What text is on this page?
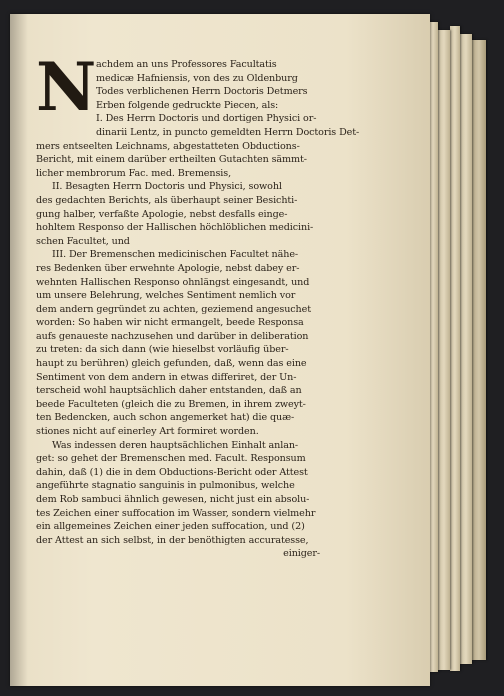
N achdem an uns Professores Facultatis
medicæ Hafniensis, von des zu Oldenburg
Todes verblichenen Herrn Doctoris Detmers
Erben folgende gedruckte Piecen, als:
I. Des Herrn Doctoris und dortigen Physici or-
dinarii Lentz, in puncto gemeldten Herrn Doctoris Det-
mers entseelten Leichnams, abgestatteten Obductions-
Bericht, mit einem darüber ertheilten Gutachten sämmt-
licher membrorum Fac. med. Bremensis,
II. Besagten Herrn Doctoris und Physici, sowohl
des gedachten Berichts, als überhaupt seiner Besichti-
gung halber, verfaßte Apologie, nebst desfalls einge-
hohltem Responso der Hallischen höchlöblichen medicini-
schen Facultet, und
III. Der Bremenschen medicinischen Facultet nähe-
res Bedenken über erwehnte Apologie, nebst dabey er-
wehnten Hallischen Responso ohnlängst eingesandt, und
um unsere Belehrung, welches Sentiment nemlich vor
dem andern gegründet zu achten, geziemend angesuchet
worden: So haben wir nicht ermangelt, beede Responsa
aufs genaueste nachzusehen und darüber in deliberation
zu treten: da sich dann (wie hieselbst vorläufig über-
haupt zu berühren) gleich gefunden, daß, wenn das eine
Sentiment von dem andern in etwas differiret, der Un-
terscheid wohl hauptsächlich daher entstanden, daß an
beede Faculteten (gleich die zu Bremen, in ihrem zweyt-
ten Bedencken, auch schon angemerket hat) die quæ-
stiones nicht auf einerley Art formiret worden.
Was indessen deren hauptsächlichen Einhalt anlan-
get: so gehet der Bremenschen med. Facult. Responsum
dahin, daß (1) die in dem Obductions-Bericht oder Attest
angeführte stagnatio sanguinis in pulmonibus, welche
dem Rob sambuci ähnlich gewesen, nicht just ein absolu-
tes Zeichen einer suffocation im Wasser, sondern vielmehr
ein allgemeines Zeichen einer jeden suffocation, und (2)
der Attest an sich selbst, in der benöthigten accuratesse,
einiger-
